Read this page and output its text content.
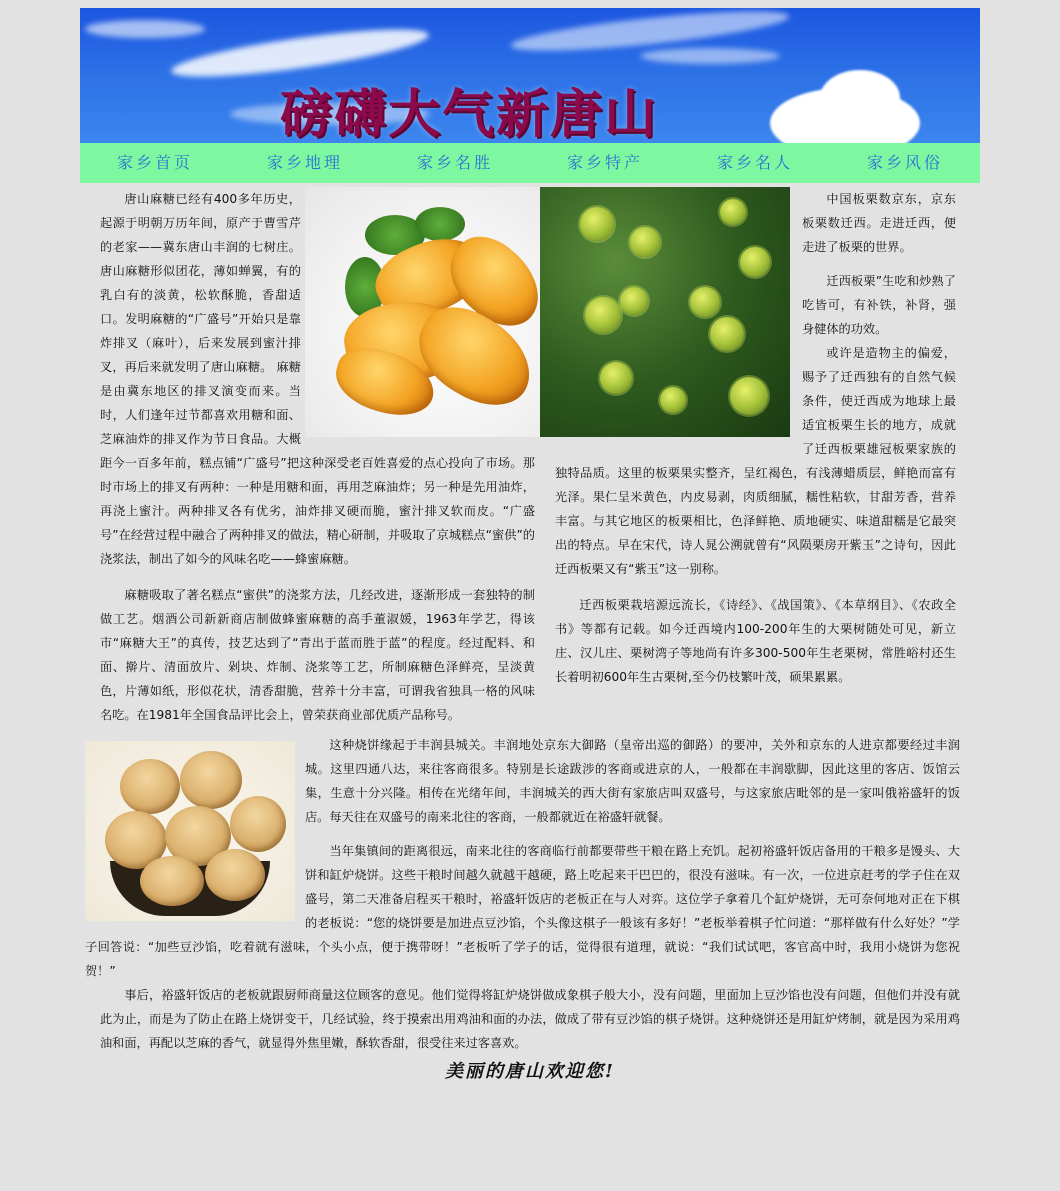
磅礴大气新唐山
家乡首页	家乡地理	家乡名胜	家乡特产	家乡名人	家乡风俗

唐山麻糖已经有400多年历史，起源于明朝万历年间，原产于曹雪芹的老家——冀东唐山丰润的七树庄。 唐山麻糖形似团花，薄如蝉翼，有的乳白有的淡黄，松软酥脆，香甜适口。发明麻糖的“广盛号”开始只是靠炸排叉（麻叶），后来发展到蜜汁排叉，再后来就发明了唐山麻糖。 麻糖是由冀东地区的排叉演变而来。当时，人们逢年过节都喜欢用糖和面、芝麻油炸的排叉作为节日食品。大概距今一百多年前，糕点铺“广盛号”把这种深受老百姓喜爱的点心投向了市场。那时市场上的排叉有两种：一种是用糖和面，再用芝麻油炸；另一种是先用油炸，再浇上蜜汁。两种排叉各有优劣，油炸排叉硬而脆，蜜汁排叉软而皮。“广盛号”在经营过程中融合了两种排叉的做法，精心研制，并吸取了京城糕点“蜜供”的浇浆法，制出了如今的风味名吃——蜂蜜麻糖。

麻糖吸取了著名糕点“蜜供”的浇浆方法，几经改进，逐渐形成一套独特的制做工艺。烟酒公司新新商店制做蜂蜜麻糖的高手董淑媛，1963年学艺，得该市“麻糖大王”的真传，技艺达到了“青出于蓝而胜于蓝”的程度。经过配料、和面、擀片、清面放片、剁块、炸制、浇浆等工艺，所制麻糖色泽鲜亮，呈淡黄色，片薄如纸，形似花状，清香甜脆，营养十分丰富，可谓我省独具一格的风味名吃。在1981年全国食品评比会上，曾荣获商业部优质产品称号。

中国板栗数京东，京东板栗数迁西。走进迁西，便走进了板栗的世界。

迁西板栗”生吃和炒熟了吃皆可，有补铁，补肾，强身健体的功效。

或许是造物主的偏爱，赐予了迁西独有的自然气候条件，使迁西成为地球上最适宜板栗生长的地方，成就了迁西板栗雄冠板栗家族的独特品质。这里的板栗果实整齐，呈红褐色，有浅薄蜡质层，鲜艳而富有光泽。果仁呈米黄色，内皮易剥，肉质细腻，糯性粘软，甘甜芳香，营养丰富。与其它地区的板栗相比，色泽鲜艳、质地硬实、味道甜糯是它最突出的特点。早在宋代，诗人晁公溯就曾有“风陨栗房开紫玉”之诗句，因此迁西板栗又有“紫玉”这一别称。

迁西板栗栽培源远流长，《诗经》、《战国策》、《本草纲目》、《农政全书》等都有记载。如今迁西境内100-200年生的大栗树随处可见，新立庄、汉儿庄、栗树湾子等地尚有许多300-500年生老栗树，常胜峪村还生长着明初600年生古栗树,至今仍枝繁叶茂，硕果累累。

这种烧饼缘起于丰润县城关。丰润地处京东大御路（皇帝出巡的御路）的要冲，关外和京东的人进京都要经过丰润城。这里四通八达，来往客商很多。特别是长途跋涉的客商或进京的人，一般都在丰润歇脚，因此这里的客店、饭馆云集，生意十分兴隆。相传在光绪年间，丰润城关的西大街有家旅店叫双盛号，与这家旅店毗邻的是一家叫俄裕盛轩的饭店。每天往在双盛号的南来北往的客商，一般都就近在裕盛轩就餐。

当年集镇间的距离很远，南来北往的客商临行前都要带些干粮在路上充饥。起初裕盛轩饭店备用的干粮多是馒头、大饼和缸炉烧饼。这些干粮时间越久就越干越硬，路上吃起来干巴巴的，很没有滋味。有一次，一位进京赶考的学子住在双盛号，第二天准备启程买干粮时，裕盛轩饭店的老板正在与人对弈。这位学子拿着几个缸炉烧饼，无可奈何地对正在下棋的老板说：“您的烧饼要是加进点豆沙馅，个头像这棋子一般该有多好！”老板举着棋子忙问道：“那样做有什么好处？”学子回答说：“加些豆沙馅，吃着就有滋味，个头小点，便于携带呀！”老板听了学子的话，觉得很有道理，就说：“我们试试吧，客官高中时，我用小烧饼为您祝贺！”

事后，裕盛轩饭店的老板就跟厨师商量这位顾客的意见。他们觉得将缸炉烧饼做成象棋子般大小，没有问题，里面加上豆沙馅也没有问题，但他们并没有就此为止，而是为了防止在路上烧饼变干，几经试验，终于摸索出用鸡油和面的办法，做成了带有豆沙馅的棋子烧饼。这种烧饼还是用缸炉烤制，就是因为采用鸡油和面，再配以芝麻的香气，就显得外焦里嫩，酥软香甜，很受往来过客喜欢。

美丽的唐山欢迎您!
